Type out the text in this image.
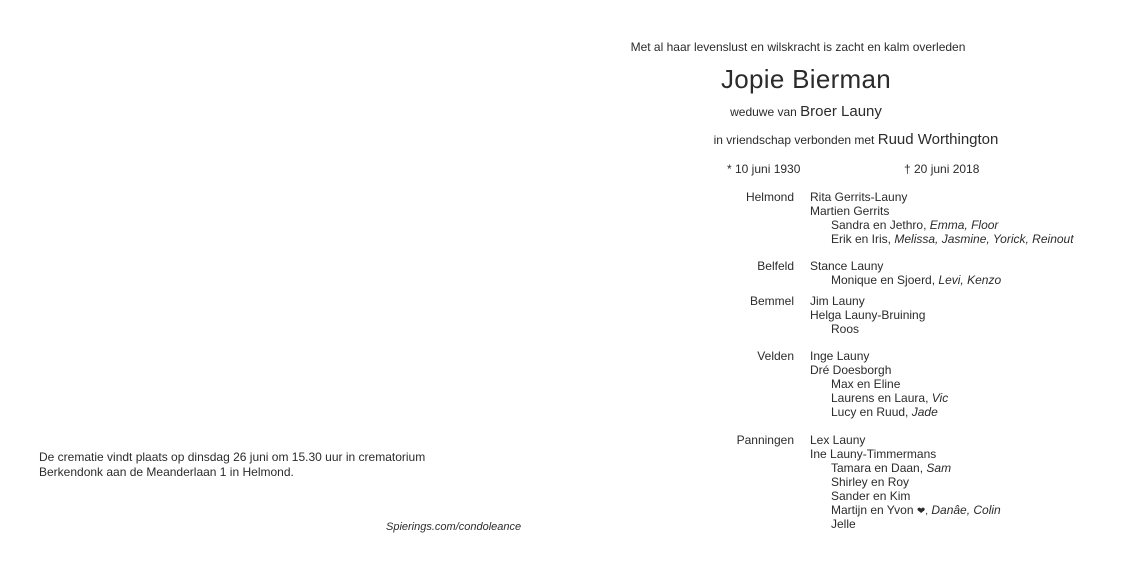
Met al haar levenslust en wilskracht is zacht en kalm overleden
Jopie Bierman
weduwe van Broer Launy
in vriendschap verbonden met Ruud Worthington
* 10 juni 1930	† 20 juni 2018
Helmond Rita Gerrits-Launy
Martien Gerrits
Sandra en Jethro, Emma, Floor
Erik en Iris, Melissa, Jasmine, Yorick, Reinout
Belfeld Stance Launy
Monique en Sjoerd, Levi, Kenzo
Bemmel Jim Launy
Helga Launy-Bruining
Roos
Velden Inge Launy
Dré Doesborgh
Max en Eline
Laurens en Laura, Vic
Lucy en Ruud, Jade
Panningen Lex Launy
Ine Launy-Timmermans
Tamara en Daan, Sam
Shirley en Roy
Sander en Kim
Martijn en Yvon ❤, Danâe, Colin
Jelle
De crematie vindt plaats op dinsdag 26 juni om 15.30 uur in crematorium
Berkendonk aan de Meanderlaan 1 in Helmond.
Spierings.com/condoleance
